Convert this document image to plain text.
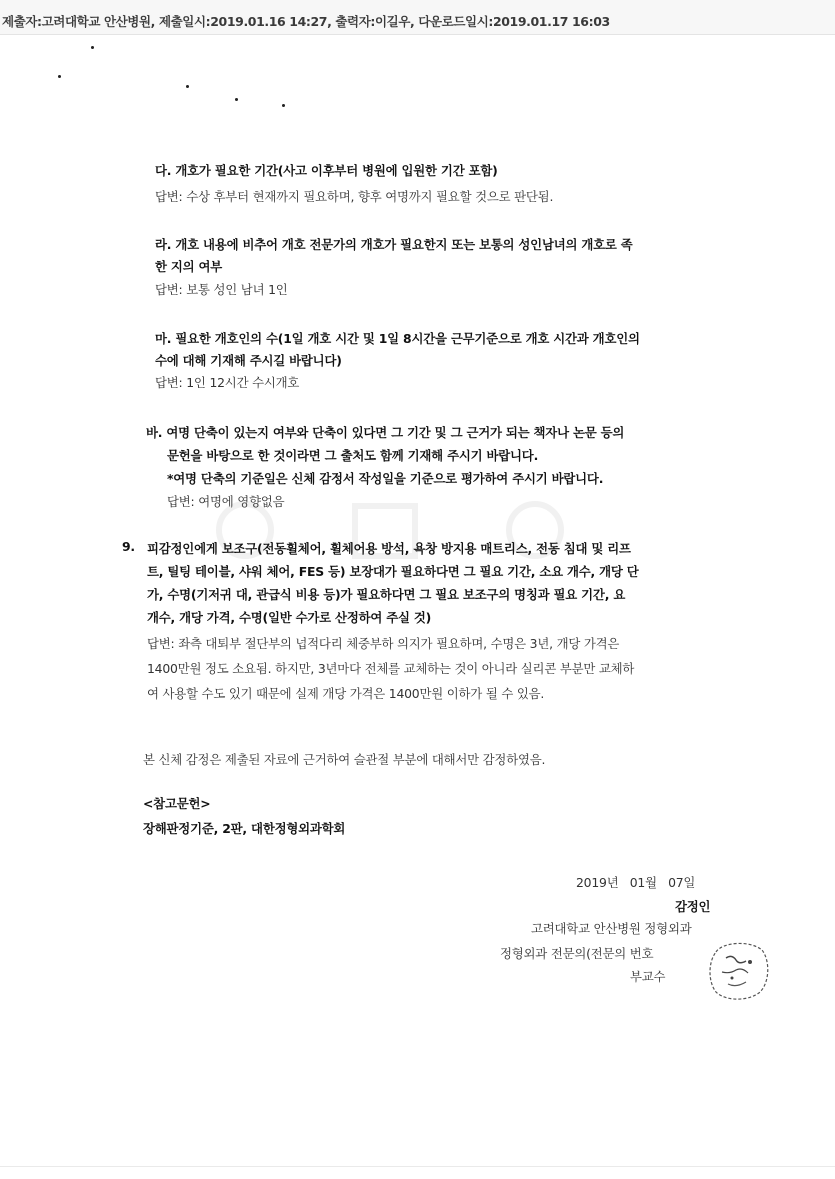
제출자:고려대학교 안산병원, 제출일시:2019.01.16 14:27, 출력자:이길우, 다운로드일시:2019.01.17 16:03
다. 개호가 필요한 기간(사고 이후부터 병원에 입원한 기간 포함)
답변: 수상 후부터 현재까지 필요하며, 향후 여명까지 필요할 것으로 판단됨.
라. 개호 내용에 비추어 개호 전문가의 개호가 필요한지 또는 보통의 성인남녀의 개호로 족
한 지의 여부
답변: 보통 성인 남녀 1인
마. 필요한 개호인의 수(1일 개호 시간 및 1일 8시간을 근무기준으로 개호 시간과 개호인의
수에 대해 기재해 주시길 바랍니다)
답변: 1인 12시간 수시개호
바. 여명 단축이 있는지 여부와 단축이 있다면 그 기간 및 그 근거가 되는 책자나 논문 등의
문헌을 바탕으로 한 것이라면 그 출처도 함께 기재해 주시기 바랍니다.
*여명 단축의 기준일은 신체 감정서 작성일을 기준으로 평가하여 주시기 바랍니다.
답변: 여명에 영향없음
9. 피감정인에게 보조구(전동휠체어, 휠체어용 방석, 욕창 방지용 매트리스, 전동 침대 및 리프
트, 틸팅 테이블, 샤워 체어, FES 등) 보장대가 필요하다면 그 필요 기간, 소요 개수, 개당 단
가, 수명(기저귀 대, 관급식 비용 등)가 필요하다면 그 필요 보조구의 명칭과 필요 기간, 요
개수, 개당 가격, 수명(일반 수가로 산정하여 주실 것)
답변: 좌측 대퇴부 절단부의 넙적다리 체중부하 의지가 필요하며, 수명은 3년, 개당 가격은
1400만원 정도 소요됨. 하지만, 3년마다 전체를 교체하는 것이 아니라 실리콘 부분만 교체하
여 사용할 수도 있기 때문에 실제 개당 가격은 1400만원 이하가 될 수 있음.
본 신체 감정은 제출된 자료에 근거하여 슬관절 부분에 대해서만 감정하였음.
<참고문헌>
장해판정기준, 2판, 대한정형외과학회
2019년   01월   07일
감정인
고려대학교 안산병원 정형외과
정형외과 전문의(전문의 번호
부교수
